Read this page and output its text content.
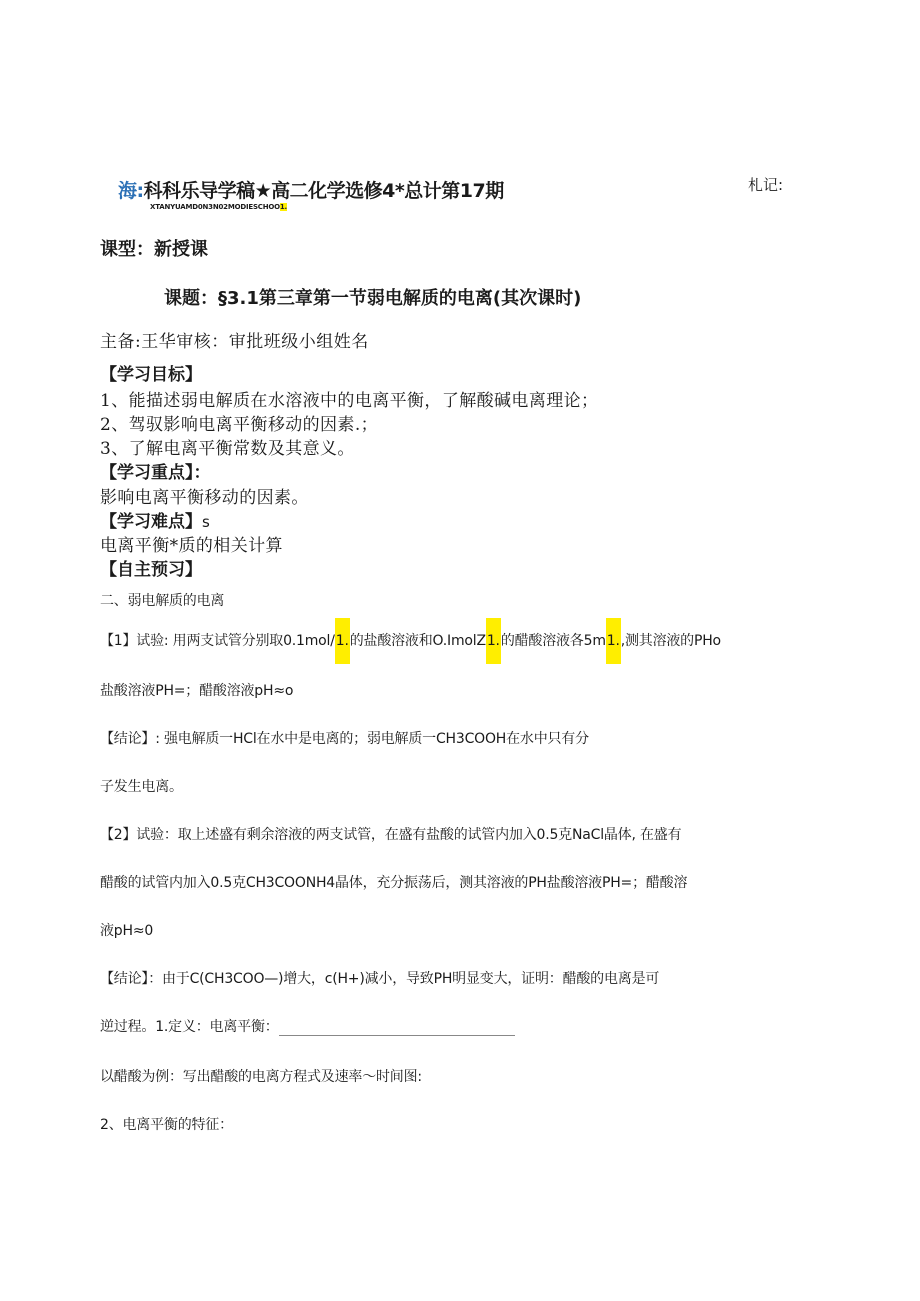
海:科科乐导学稿★高二化学选修4*总计第17期
XTANYUAMD0N3N02MODIESCHOO1.
札记:
课型：新授课
课题：§3.1第三章第一节弱电解质的电离(其次课时)
主备:王华审核：审批班级小组姓名
【学习目标】
1、能描述弱电解质在水溶液中的电离平衡，了解酸碱电离理论；
2、驾驭影响电离平衡移动的因素.；
3、了解电离平衡常数及其意义。
【学习重点】：
影响电离平衡移动的因素。
【学习难点】s
电离平衡*质的相关计算
【自主预习】
二、弱电解质的电离
【1】试验: 用两支试管分别取0.1mol/1.的盐酸溶液和O.ImolZ1.的醋酸溶液各5m1.,测其溶液的PHo
盐酸溶液PH=；醋酸溶液pH≈o
【结论】: 强电解质一HCl在水中是电离的；弱电解质一CH3COOH在水中只有分
子发生电离。
【2】试验：取上述盛有剩余溶液的两支试管，在盛有盐酸的试管内加入0.5克NaCl晶体, 在盛有
醋酸的试管内加入0.5克CH3COONH4晶体，充分振荡后，测其溶液的PH盐酸溶液PH=；醋酸溶
液pH≈0
【结论】：由于C(CH3COO—)增大，c(H+)减小，导致PH明显变大，证明：醋酸的电离是可
逆过程。1.定义：电离平衡：
以醋酸为例：写出醋酸的电离方程式及速率～时间图:
2、电离平衡的特征：
